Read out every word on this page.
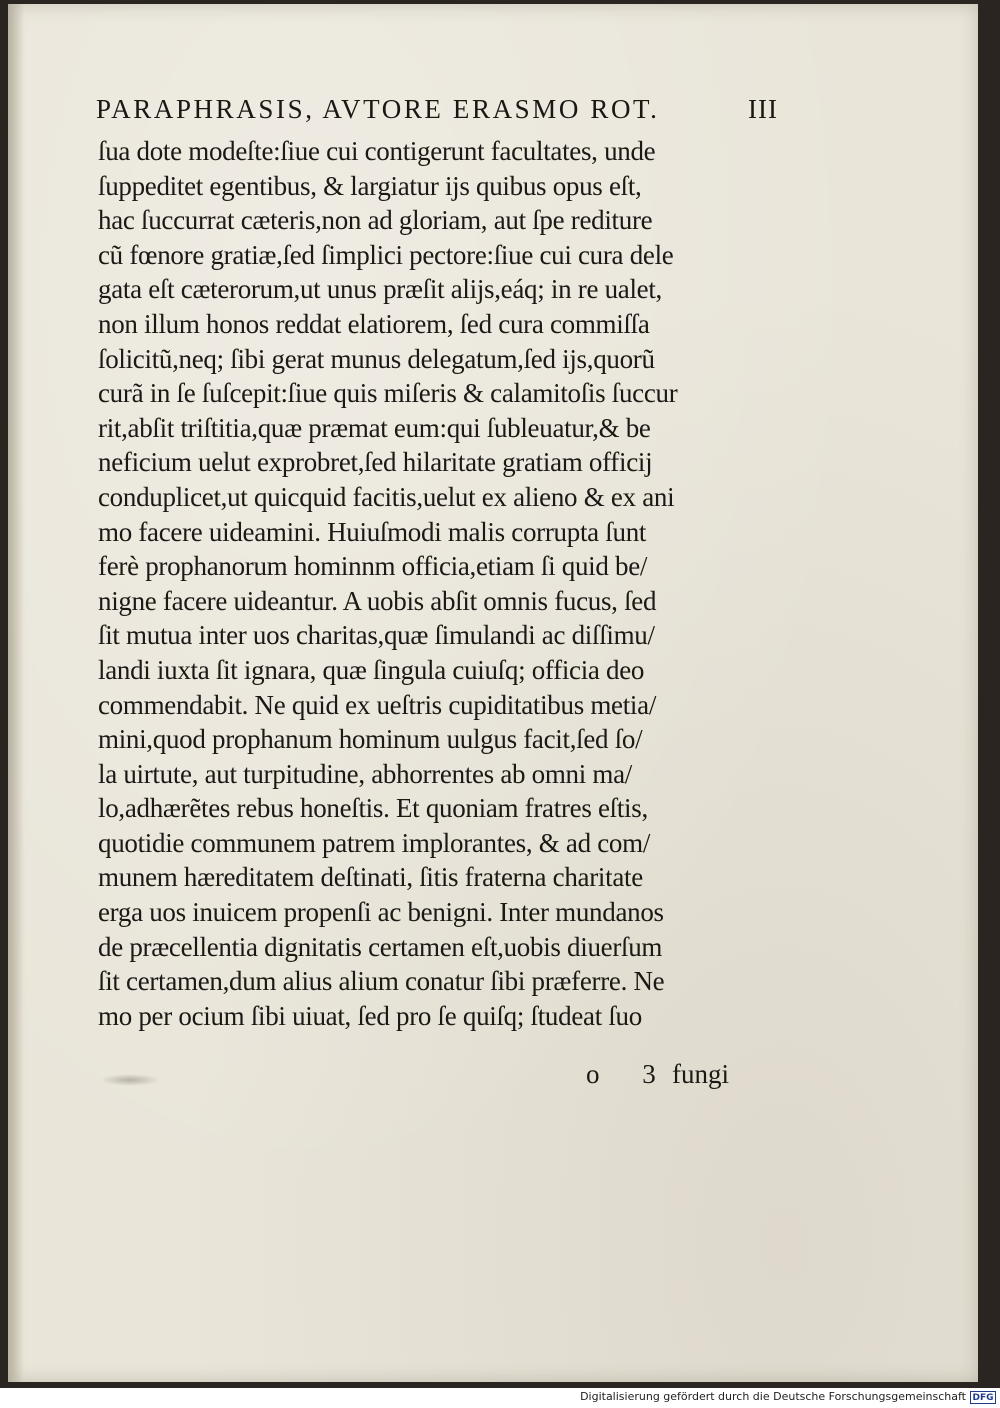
PARAPHRASIS, AVTORE ERASMO ROT.	III
ſua dote modeſte:ſiue cui contigerunt facultates, unde
ſuppeditet egentibus, & largiatur ijs quibus opus eſt,
hac ſuccurrat cæteris,non ad gloriam, aut ſpe rediture
cũ fœnore gratiæ,ſed ſimplici pectore:ſiue cui cura dele
gata eſt cæterorum,ut unus præſit alijs,eáq; in re ualet,
non illum honos reddat elatiorem, ſed cura commiſſa
ſolicitũ,neq; ſibi gerat munus delegatum,ſed ijs,quorũ
curã in ſe ſuſcepit:ſiue quis miſeris & calamitoſis ſuccur
rit,abſit triſtitia,quæ præmat eum:qui ſubleuatur,& be
neficium uelut exprobret,ſed hilaritate gratiam officij
conduplicet,ut quicquid facitis,uelut ex alieno & ex ani
mo facere uideamini. Huiuſmodi malis corrupta ſunt
ferè prophanorum hominnm officia,etiam ſi quid be/
nigne facere uideantur. A uobis abſit omnis fucus, ſed
ſit mutua inter uos charitas,quæ ſimulandi ac diſſimu/
landi iuxta ſit ignara, quæ ſingula cuiuſq; officia deo
commendabit. Ne quid ex ueſtris cupiditatibus metia/
mini,quod prophanum hominum uulgus facit,ſed ſo/
la uirtute, aut turpitudine, abhorrentes ab omni ma/
lo,adhærẽtes rebus honeſtis. Et quoniam fratres eſtis,
quotidie communem patrem implorantes, & ad com/
munem hæreditatem deſtinati, ſitis fraterna charitate
erga uos inuicem propenſi ac benigni. Inter mundanos
de præcellentia dignitatis certamen eſt,uobis diuerſum
ſit certamen,dum alius alium conatur ſibi præferre. Ne
mo per ocium ſibi uiuat, ſed pro ſe quiſq; ſtudeat ſuo
o 3
fungi
Digitalisierung gefördert durch die Deutsche Forschungsgemeinschaft DFG
